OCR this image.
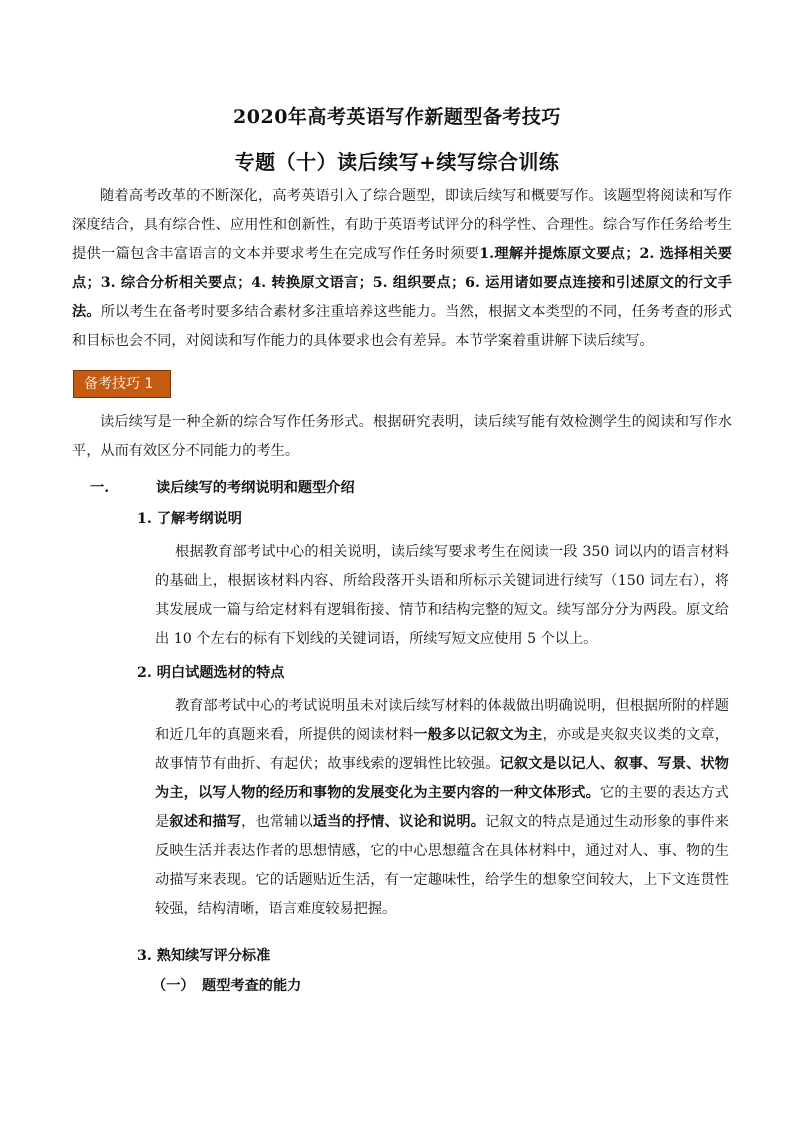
2020年高考英语写作新题型备考技巧
专题（十）读后续写+续写综合训练

随着高考改革的不断深化，高考英语引入了综合题型，即读后续写和概要写作。该题型将阅读和写作深度结合，具有综合性、应用性和创新性，有助于英语考试评分的科学性、合理性。综合写作任务给考生提供一篇包含丰富语言的文本并要求考生在完成写作任务时须要1.理解并提炼原文要点；2. 选择相关要点；3. 综合分析相关要点；4. 转换原文语言；5. 组织要点；6. 运用诸如要点连接和引述原文的行文手法。所以考生在备考时要多结合素材多注重培养这些能力。当然，根据文本类型的不同，任务考查的形式和目标也会不同，对阅读和写作能力的具体要求也会有差异。本节学案着重讲解下读后续写。

备考技巧 1

读后续写是一种全新的综合写作任务形式。根据研究表明，读后续写能有效检测学生的阅读和写作水平，从而有效区分不同能力的考生。

一.	读后续写的考纲说明和题型介绍
1. 了解考纲说明

根据教育部考试中心的相关说明，读后续写要求考生在阅读一段 350 词以内的语言材料的基础上，根据该材料内容、所给段落开头语和所标示关键词进行续写（150 词左右），将其发展成一篇与给定材料有逻辑衔接、情节和结构完整的短文。续写部分分为两段。原文给出 10 个左右的标有下划线的关键词语，所续写短文应使用 5 个以上。

2. 明白试题选材的特点

教育部考试中心的考试说明虽未对读后续写材料的体裁做出明确说明，但根据所附的样题和近几年的真题来看，所提供的阅读材料一般多以记叙文为主，亦或是夹叙夹议类的文章，故事情节有曲折、有起伏；故事线索的逻辑性比较强。记叙文是以记人、叙事、写景、状物为主，以写人物的经历和事物的发展变化为主要内容的一种文体形式。它的主要的表达方式是叙述和描写，也常辅以适当的抒情、议论和说明。记叙文的特点是通过生动形象的事件来反映生活并表达作者的思想情感，它的中心思想蕴含在具体材料中，通过对人、事、物的生动描写来表现。它的话题贴近生活，有一定趣味性，给学生的想象空间较大，上下文连贯性较强，结构清晰，语言难度较易把握。

3. 熟知续写评分标准
（一） 题型考查的能力
